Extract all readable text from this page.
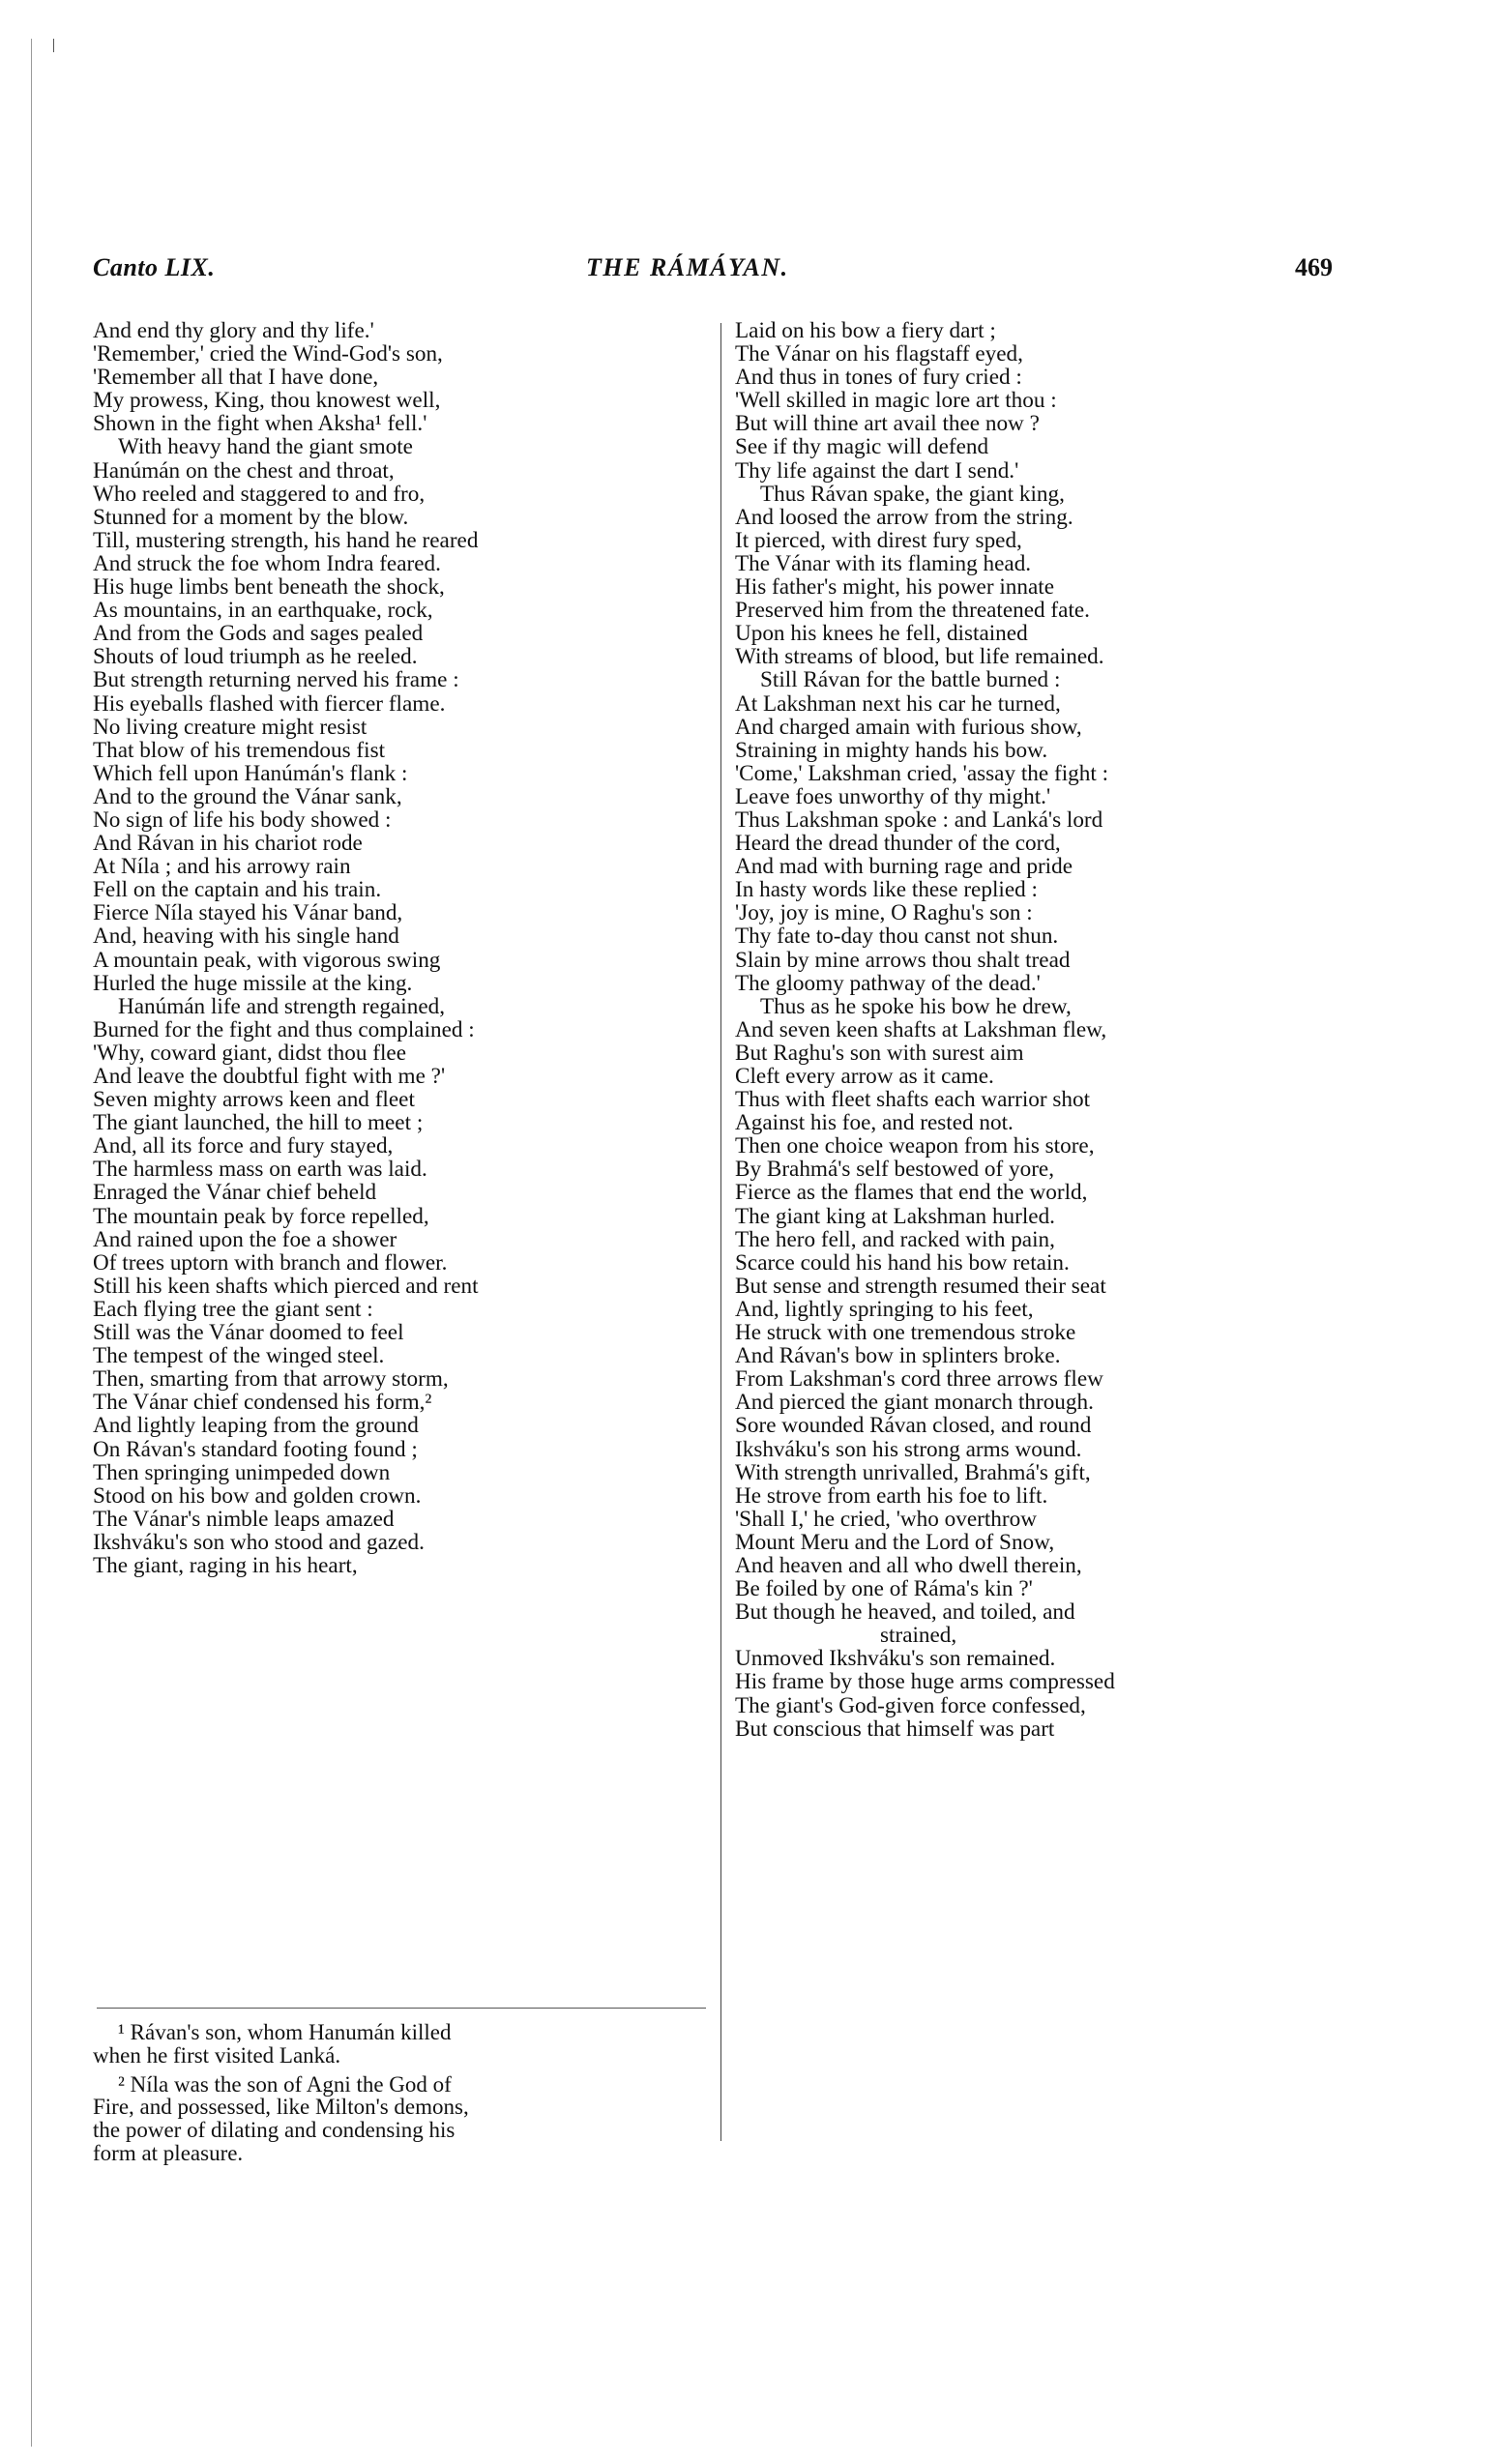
Canto LIX.	THE RÁMÁYAN.	469
And end thy glory and thy life.'
'Remember,' cried the Wind-God's son,
'Remember all that I have done,
My prowess, King, thou knowest well,
Shown in the fight when Aksha¹ fell.'
With heavy hand the giant smote
Hanúmán on the chest and throat,
Who reeled and staggered to and fro,
Stunned for a moment by the blow.
Till, mustering strength, his hand he reared
And struck the foe whom Indra feared.
His huge limbs bent beneath the shock,
As mountains, in an earthquake, rock,
And from the Gods and sages pealed
Shouts of loud triumph as he reeled.
But strength returning nerved his frame :
His eyeballs flashed with fiercer flame.
No living creature might resist
That blow of his tremendous fist
Which fell upon Hanúmán's flank :
And to the ground the Vánar sank,
No sign of life his body showed :
And Rávan in his chariot rode
At Níla ; and his arrowy rain
Fell on the captain and his train.
Fierce Níla stayed his Vánar band,
And, heaving with his single hand
A mountain peak, with vigorous swing
Hurled the huge missile at the king.
Hanúmán life and strength regained,
Burned for the fight and thus complained :
'Why, coward giant, didst thou flee
And leave the doubtful fight with me ?'
Seven mighty arrows keen and fleet
The giant launched, the hill to meet ;
And, all its force and fury stayed,
The harmless mass on earth was laid.
Enraged the Vánar chief beheld
The mountain peak by force repelled,
And rained upon the foe a shower
Of trees uptorn with branch and flower.
Still his keen shafts which pierced and rent
Each flying tree the giant sent :
Still was the Vánar doomed to feel
The tempest of the winged steel.
Then, smarting from that arrowy storm,
The Vánar chief condensed his form,²
And lightly leaping from the ground
On Rávan's standard footing found ;
Then springing unimpeded down
Stood on his bow and golden crown.
The Vánar's nimble leaps amazed
Ikshváku's son who stood and gazed.
The giant, raging in his heart,
Laid on his bow a fiery dart ;
The Vánar on his flagstaff eyed,
And thus in tones of fury cried :
'Well skilled in magic lore art thou :
But will thine art avail thee now ?
See if thy magic will defend
Thy life against the dart I send.'
Thus Rávan spake, the giant king,
And loosed the arrow from the string.
It pierced, with direst fury sped,
The Vánar with its flaming head.
His father's might, his power innate
Preserved him from the threatened fate.
Upon his knees he fell, distained
With streams of blood, but life remained.
Still Rávan for the battle burned :
At Lakshman next his car he turned,
And charged amain with furious show,
Straining in mighty hands his bow.
'Come,' Lakshman cried, 'assay the fight :
Leave foes unworthy of thy might.'
Thus Lakshman spoke : and Lanká's lord
Heard the dread thunder of the cord,
And mad with burning rage and pride
In hasty words like these replied :
'Joy, joy is mine, O Raghu's son :
Thy fate to-day thou canst not shun.
Slain by mine arrows thou shalt tread
The gloomy pathway of the dead.'
Thus as he spoke his bow he drew,
And seven keen shafts at Lakshman flew,
But Raghu's son with surest aim
Cleft every arrow as it came.
Thus with fleet shafts each warrior shot
Against his foe, and rested not.
Then one choice weapon from his store,
By Brahmá's self bestowed of yore,
Fierce as the flames that end the world,
The giant king at Lakshman hurled.
The hero fell, and racked with pain,
Scarce could his hand his bow retain.
But sense and strength resumed their seat
And, lightly springing to his feet,
He struck with one tremendous stroke
And Rávan's bow in splinters broke.
From Lakshman's cord three arrows flew
And pierced the giant monarch through.
Sore wounded Rávan closed, and round
Ikshváku's son his strong arms wound.
With strength unrivalled, Brahmá's gift,
He strove from earth his foe to lift.
'Shall I,' he cried, 'who overthrow
Mount Meru and the Lord of Snow,
And heaven and all who dwell therein,
Be foiled by one of Ráma's kin ?'
But though he heaved, and toiled, and
strained,
Unmoved Ikshváku's son remained.
His frame by those huge arms compressed
The giant's God-given force confessed,
But conscious that himself was part
¹ Rávan's son, whom Hanumán killed
when he first visited Lanká.
² Níla was the son of Agni the God of
Fire, and possessed, like Milton's demons,
the power of dilating and condensing his
form at pleasure.
